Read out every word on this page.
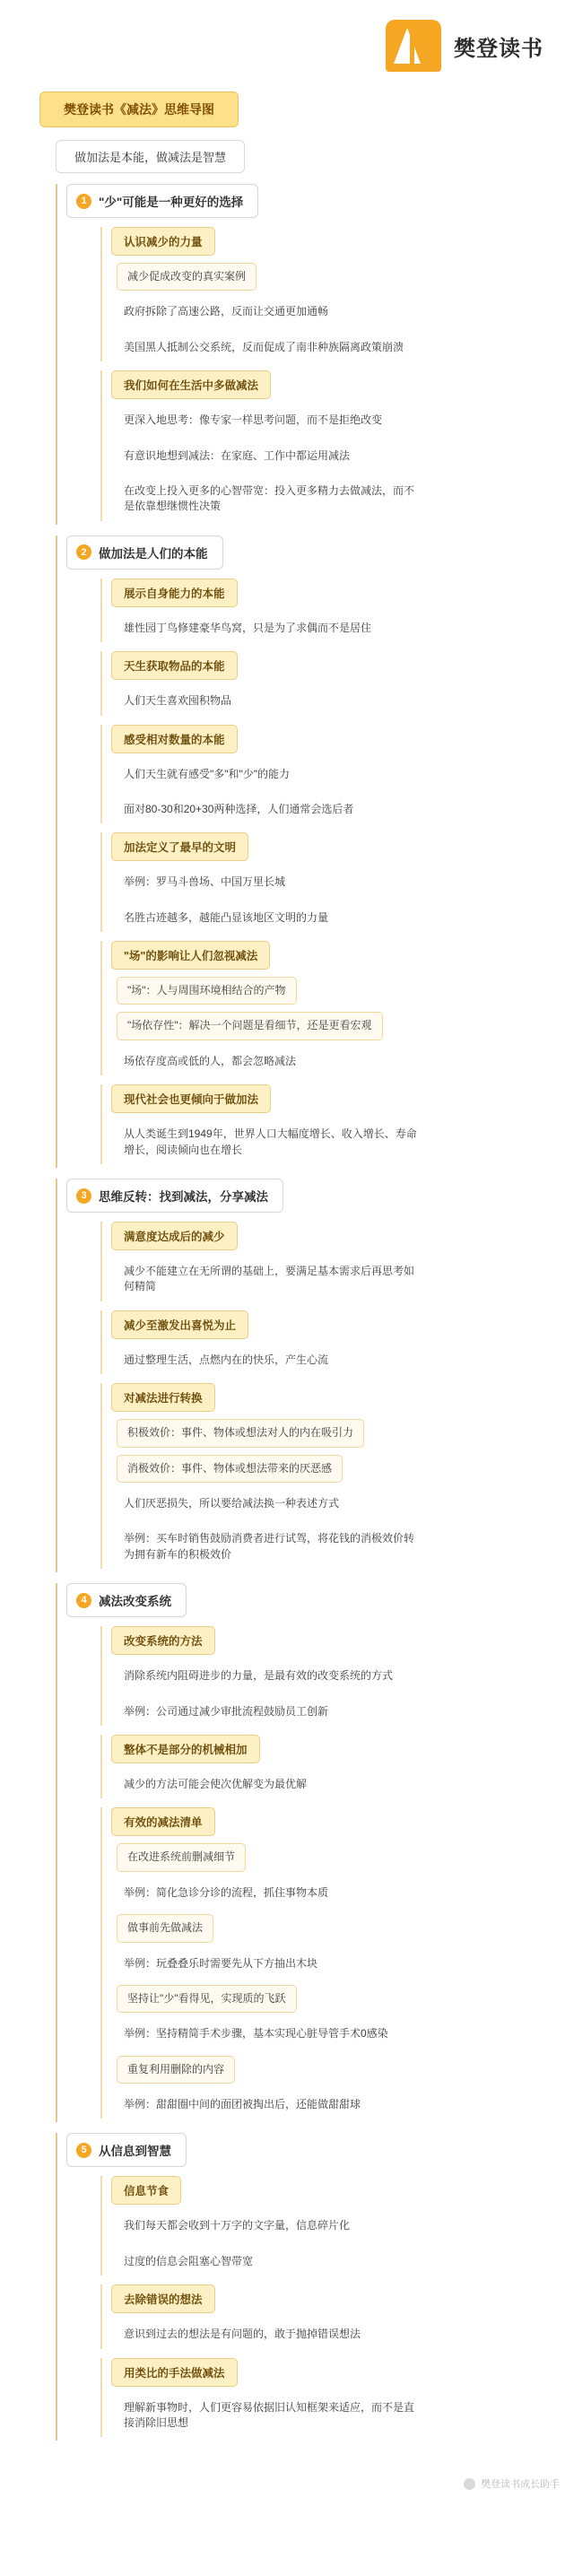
樊登读书
樊登读书《减法》思维导图
做加法是本能，做减法是智慧
1 "少"可能是一种更好的选择
认识减少的力量
减少促成改变的真实案例
政府拆除了高速公路，反而让交通更加通畅
美国黑人抵制公交系统，反而促成了南非种族隔离政策崩溃
我们如何在生活中多做减法
更深入地思考：像专家一样思考问题，而不是拒绝改变
有意识地想到减法：在家庭、工作中都运用减法
在改变上投入更多的心智带宽：投入更多精力去做减法，而不是依靠想继惯性决策
2 做加法是人们的本能
展示自身能力的本能
雄性园丁鸟修建豪华鸟窝，只是为了求偶而不是居住
天生获取物品的本能
人们天生喜欢囤积物品
感受相对数量的本能
人们天生就有感受"多"和"少"的能力
面对80-30和20+30两种选择，人们通常会选后者
加法定义了最早的文明
举例：罗马斗兽场、中国万里长城
名胜古迹越多，越能凸显该地区文明的力量
"场"的影响让人们忽视减法
"场"：人与周围环境相结合的产物
"场依存性"：解决一个问题是看细节，还是更看宏观
场依存度高或低的人，都会忽略减法
现代社会也更倾向于做加法
从人类诞生到1949年，世界人口大幅度增长、收入增长、寿命增长，阅读倾向也在增长
3 思维反转：找到减法，分享减法
满意度达成后的减少
减少不能建立在无所谓的基础上，要满足基本需求后再思考如何精简
减少至激发出喜悦为止
通过整理生活，点燃内在的快乐，产生心流
对减法进行转换
积极效价：事件、物体或想法对人的内在吸引力
消极效价：事件、物体或想法带来的厌恶感
人们厌恶损失，所以要给减法换一种表述方式
举例：买车时销售鼓励消费者进行试驾，将花钱的消极效价转为拥有新车的积极效价
4 减法改变系统
改变系统的方法
消除系统内阻碍进步的力量，是最有效的改变系统的方式
举例：公司通过减少审批流程鼓励员工创新
整体不是部分的机械相加
减少的方法可能会使次优解变为最优解
有效的减法清单
在改进系统前删减细节
举例：简化急诊分诊的流程，抓住事物本质
做事前先做减法
举例：玩叠叠乐时需要先从下方抽出木块
坚持让"少"看得见，实现质的飞跃
举例：坚持精简手术步骤，基本实现心脏导管手术0感染
重复利用删除的内容
举例：甜甜圈中间的面团被掏出后，还能做甜甜球
5 从信息到智慧
信息节食
我们每天都会收到十万字的文字量，信息碎片化
过度的信息会阻塞心智带宽
去除错误的想法
意识到过去的想法是有问题的，敢于抛掉错误想法
用类比的手法做减法
理解新事物时，人们更容易依据旧认知框架来适应，而不是直接消除旧思想
樊登读书成长助手
